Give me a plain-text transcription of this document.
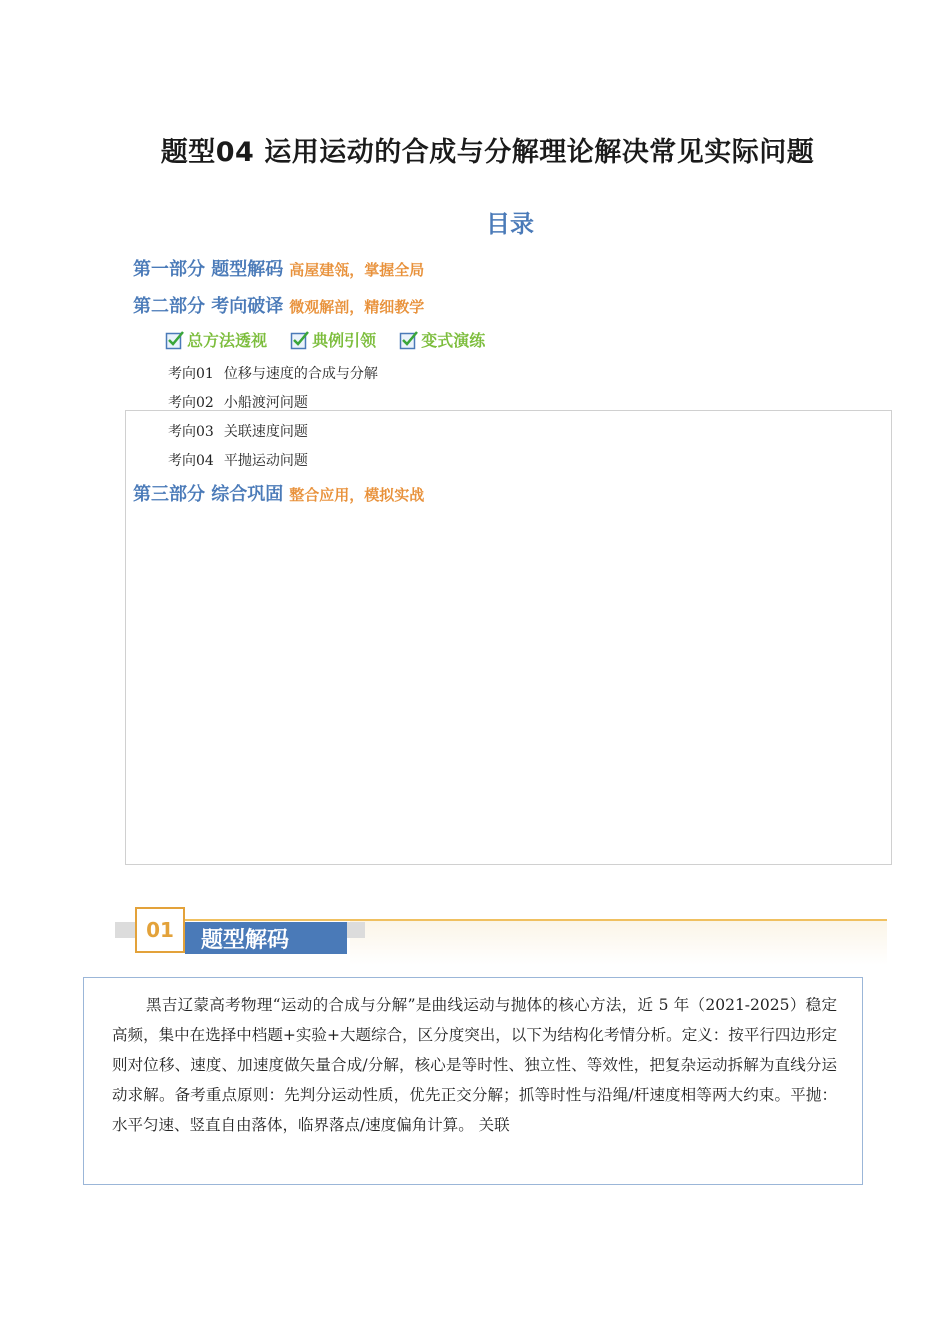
题型04 运用运动的合成与分解理论解决常见实际问题
目录
第一部分 题型解码 高屋建瓴，掌握全局
第二部分 考向破译 微观解剖，精细教学
总方法透视
	典例引领
	变式演练
考向01 位移与速度的合成与分解
考向02 小船渡河问题
考向03 关联速度问题
考向04 平抛运动问题
第三部分 综合巩固 整合应用，模拟实战
题型解码
01

黑吉辽蒙高考物理“运动的合成与分解”是曲线运动与抛体的核心方法，近 5 年（2021-2025）稳定高频，集中在选择中档题+实验+大题综合，区分度突出，以下为结构化考情分析。定义：按平行四边形定则对位移、速度、加速度做矢量合成/分解，核心是等时性、独立性、等效性，把复杂运动拆解为直线分运动求解。备考重点原则：先判分运动性质，优先正交分解；抓等时性与沿绳/杆速度相等两大约束。平抛：水平匀速、竖直自由落体，临界落点/速度偏角计算。 关联
